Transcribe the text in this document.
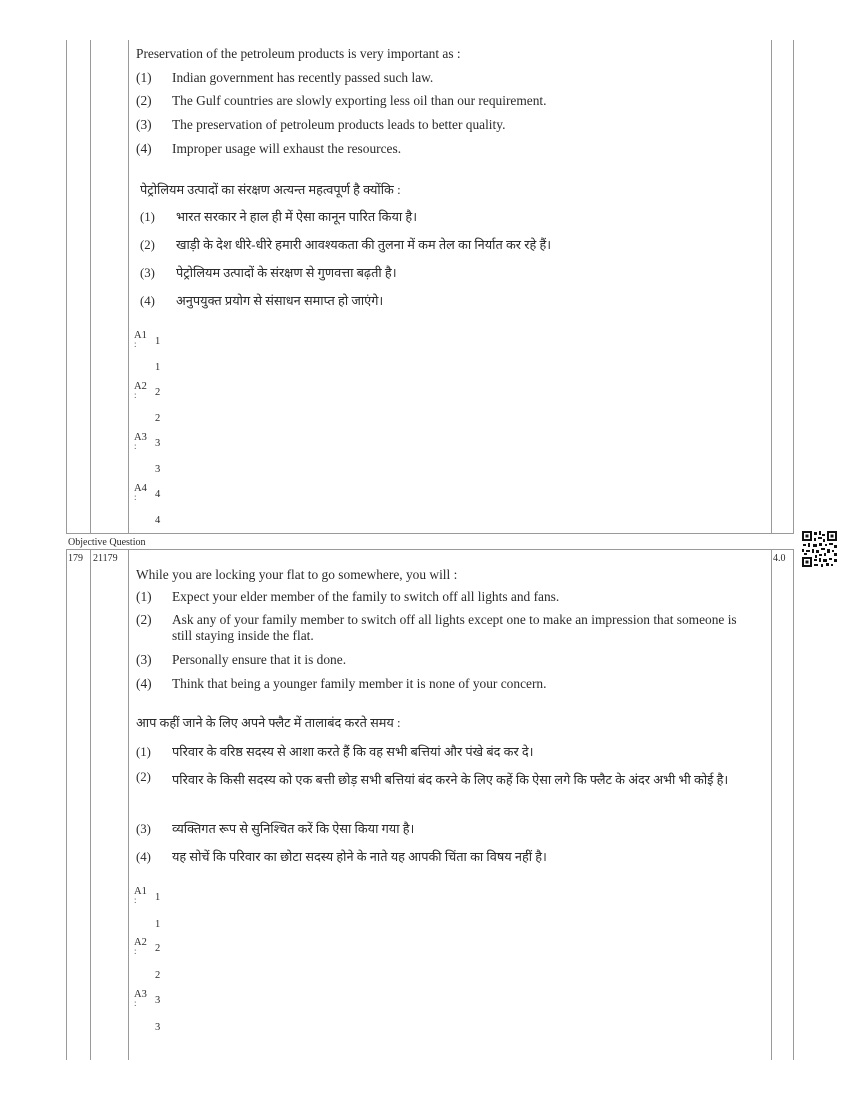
Preservation of the petroleum products is very important as :
(1) Indian government has recently passed such law.
(2) The Gulf countries are slowly exporting less oil than our requirement.
(3) The preservation of petroleum products leads to better quality.
(4) Improper usage will exhaust the resources.
पेट्रोलियम उत्पादों का संरक्षण अत्यन्त महत्वपूर्ण है क्योंकि :
(1) भारत सरकार ने हाल ही में ऐसा कानून पारित किया है।
(2) खाड़ी के देश धीरे-धीरे हमारी आवश्यकता की तुलना में कम तेल का निर्यात कर रहे हैं।
(3) पेट्रोलियम उत्पादों के संरक्षण से गुणवत्ता बढ़ती है।
(4) अनुपयुक्त प्रयोग से संसाधन समाप्त हो जाएंगे।
A1
:	1
1
A2
:	2
2
A3
:	3
3
A4
:	4
4
Objective Question
179 21179	4.0
While you are locking your flat to go somewhere, you will :
(1) Expect your elder member of the family to switch off all lights and fans.
(2) Ask any of your family member to switch off all lights except one to make an impression that someone is still staying inside the flat.
(3) Personally ensure that it is done.
(4) Think that being a younger family member it is none of your concern.
आप कहीं जाने के लिए अपने फ्लैट में तालाबंद करते समय :
(1) परिवार के वरिष्ठ सदस्य से आशा करते हैं कि वह सभी बत्तियां और पंखे बंद कर दे।
(2) परिवार के किसी सदस्य को एक बत्ती छोड़ सभी बत्तियां बंद करने के लिए कहें कि ऐसा लगे कि फ्लैट के अंदर अभी भी कोई है।
(3) व्यक्तिगत रूप से सुनिश्चित करें कि ऐसा किया गया है।
(4) यह सोचें कि परिवार का छोटा सदस्य होने के नाते यह आपकी चिंता का विषय नहीं है।
A1
:	1
1
A2
:	2
2
A3
:	3
3
